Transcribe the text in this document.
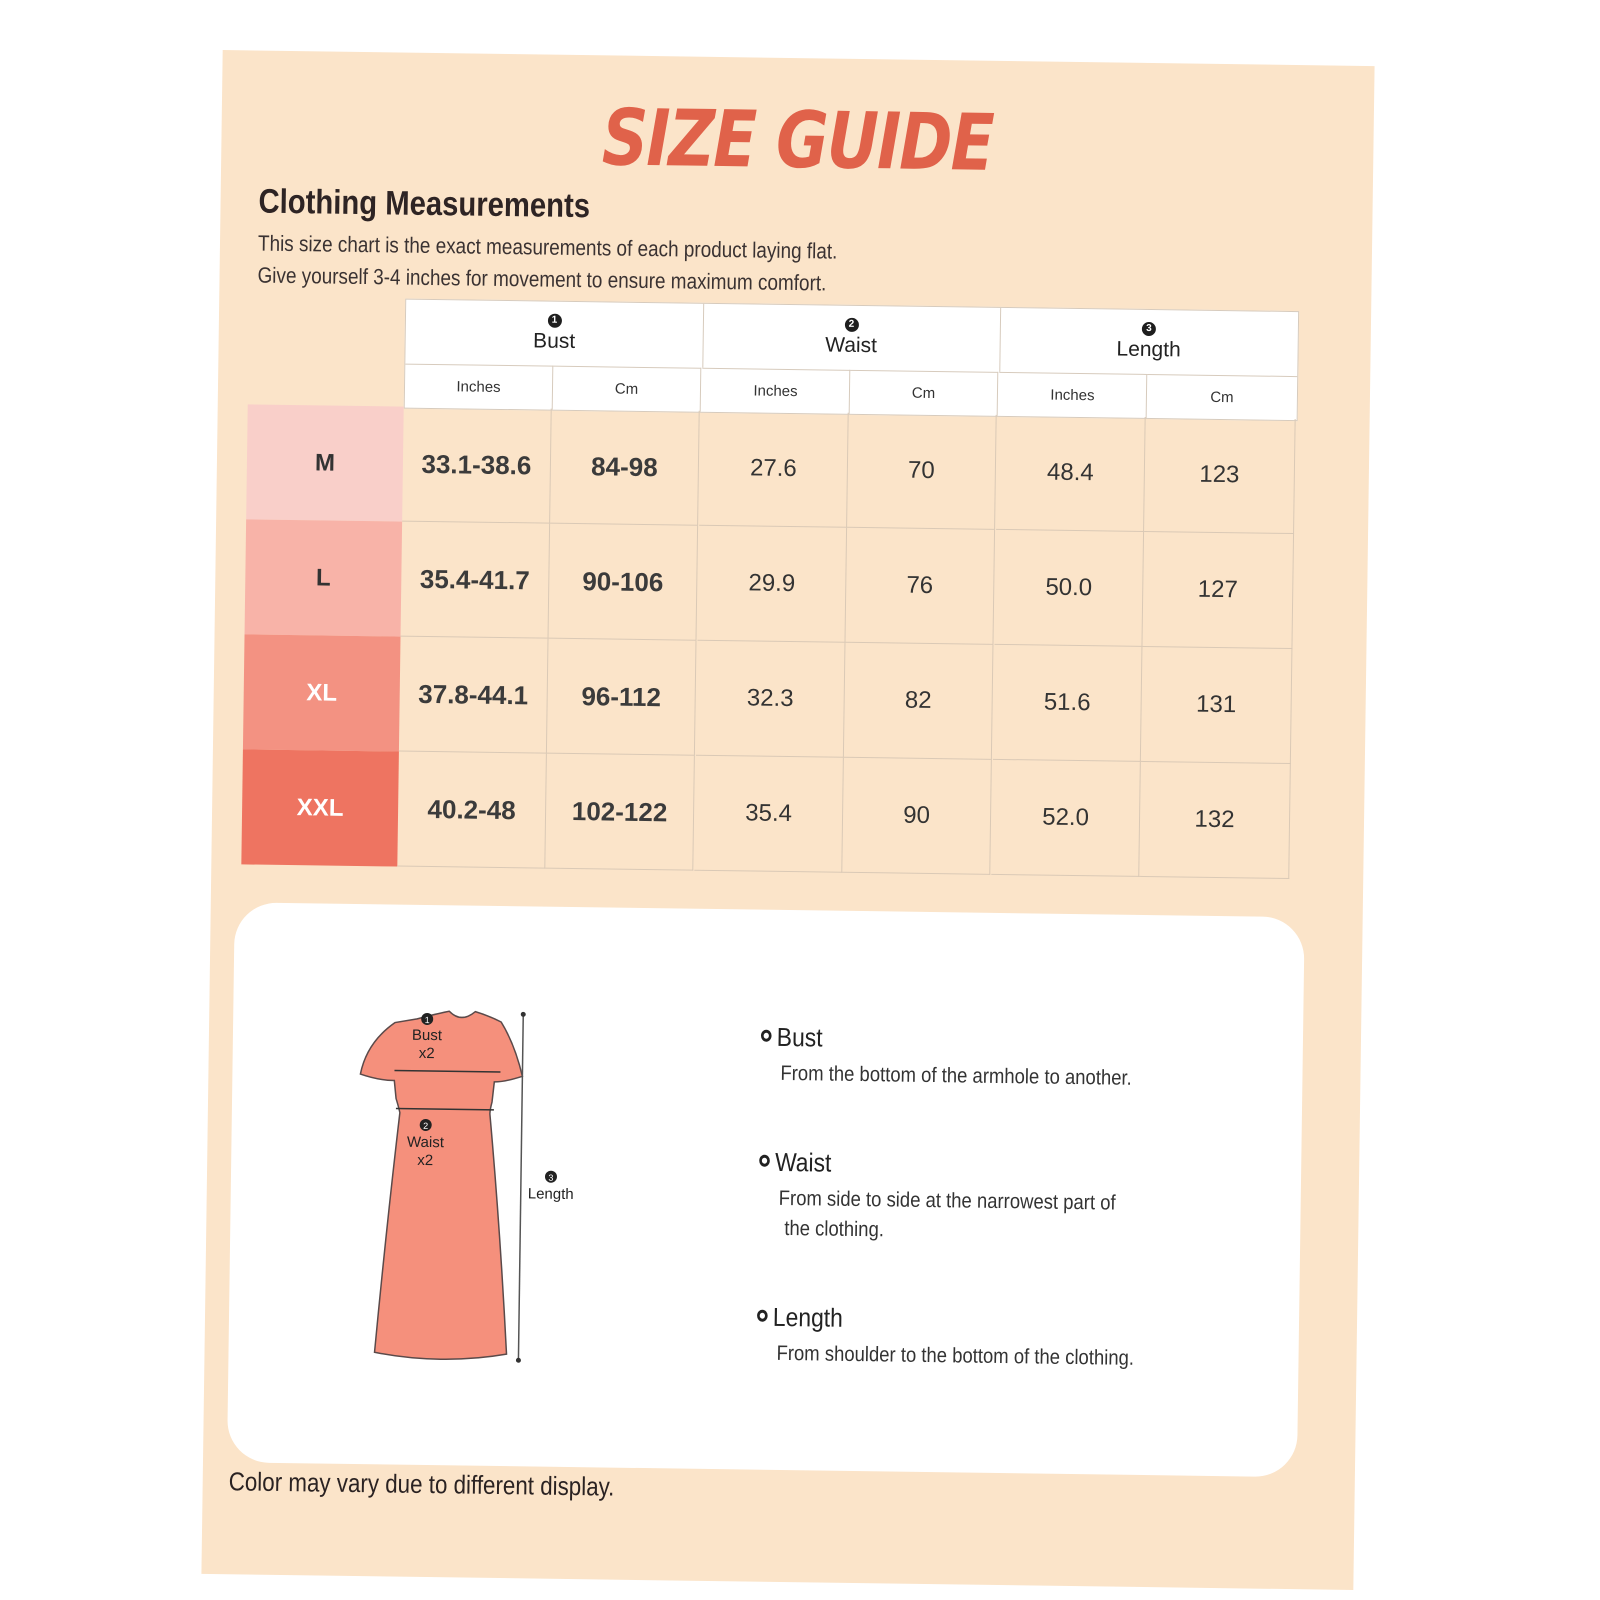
SIZE GUIDE
Clothing Measurements
This size chart is the exact measurements of each product laying flat.
Give yourself 3-4 inches for movement to ensure maximum comfort.
1
Bust
2
Waist
3
Length
Inches	Cm	Inches	Cm	Inches	Cm
M	33.1-38.6	84-98	27.6	70	48.4	123
L	35.4-41.7	90-106	29.9	76	50.0	127
XL	37.8-44.1	96-112	32.3	82	51.6	131
XXL	40.2-48	102-122	35.4	90	52.0	132
1
Bust
x2
2
Waist
x2
3
Length
Bust
From the bottom of the armhole to another.
Waist
From side to side at the narrowest part of
the clothing.
Length
From shoulder to the bottom of the clothing.
Color may vary due to different display.
